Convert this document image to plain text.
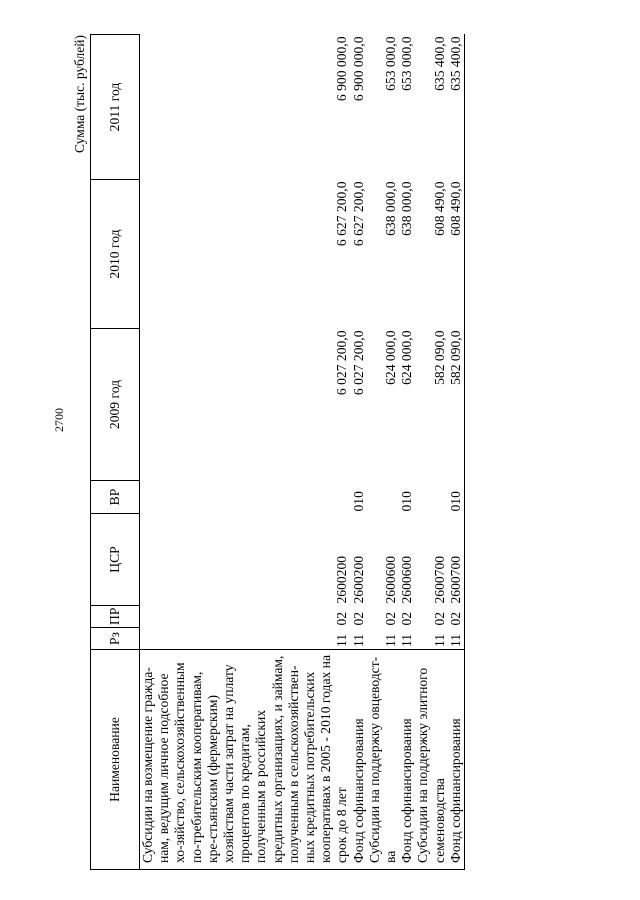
2700
Сумма (тыс. рублей)
Наименование	Рз	ПР	ЦСР	ВР	2009 год	2010 год	2011 год
Субсидии на возмещение гражда-нам, ведущим личное подсобное хо-зяйство, сельскохозяйственным по-требительским кооперативам, кре-стьянским (фермерским) хозяйствам части затрат на уплату процентов по кредитам, полученным в российских кредитных организациях, и займам, полученным в сельскохозяйствен-ных кредитных потребительских кооперативах в 2005 - 2010 годах на срок до 8 лет	11	02	2600200		6 027 200,0	6 627 200,0	6 900 000,0
Фонд софинансирования	11	02	2600200	010	6 027 200,0	6 627 200,0	6 900 000,0
Субсидии на поддержку овцеводст-ва	11	02	2600600		624 000,0	638 000,0	653 000,0
Фонд софинансирования	11	02	2600600	010	624 000,0	638 000,0	653 000,0
Субсидии на поддержку элитного семеноводства	11	02	2600700		582 090,0	608 490,0	635 400,0
Фонд софинансирования	11	02	2600700	010	582 090,0	608 490,0	635 400,0
